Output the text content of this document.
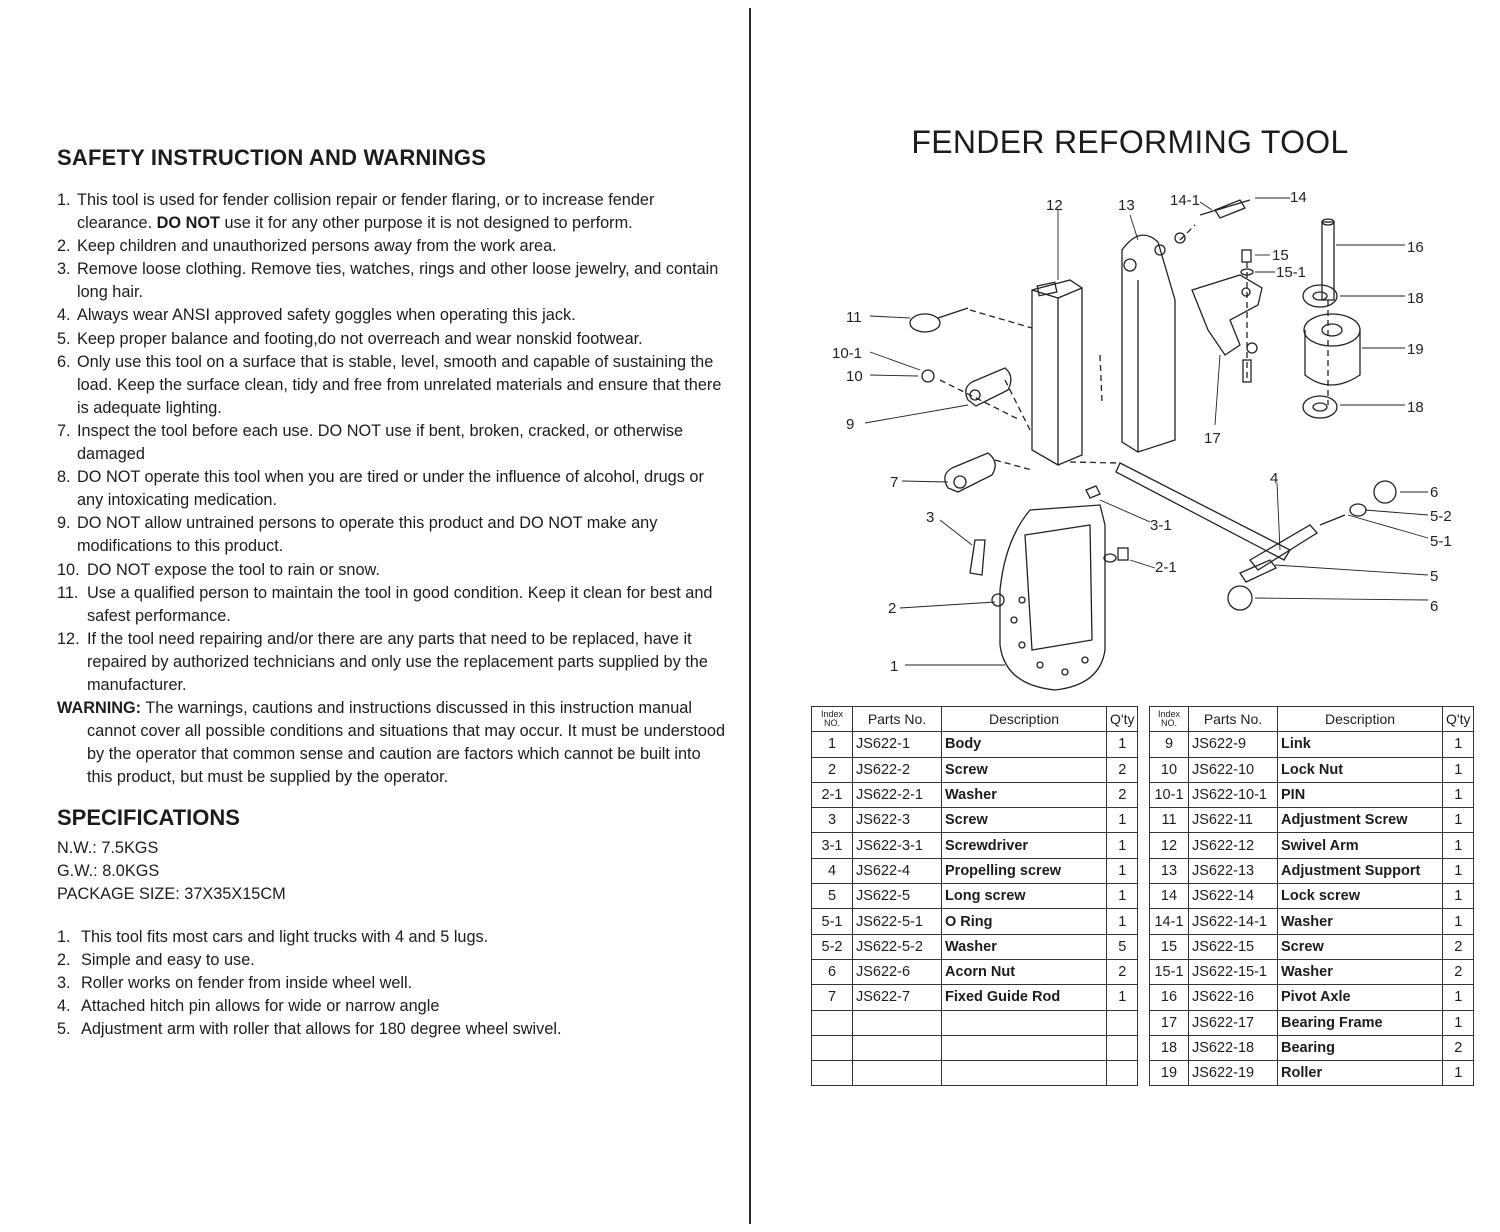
SAFETY INSTRUCTION AND WARNINGS
1. This tool is used for fender collision repair or fender flaring, or to increase fender clearance. DO NOT use it for any other purpose it is not designed to perform.
2. Keep children and unauthorized persons away from the work area.
3. Remove loose clothing. Remove ties, watches, rings and other loose jewelry, and contain long hair.
4. Always wear ANSI approved safety goggles when operating this jack.
5. Keep proper balance and footing,do not overreach and wear nonskid footwear.
6. Only use this tool on a surface that is stable, level, smooth and capable of sustaining the load. Keep the surface clean, tidy and free from unrelated materials and ensure that there is adequate lighting.
7. Inspect the tool before each use. DO NOT use if bent, broken, cracked, or otherwise damaged
8. DO NOT operate this tool when you are tired or under the influence of alcohol, drugs or any intoxicating medication.
9. DO NOT allow untrained persons to operate this product and DO NOT make any modifications to this product.
10. DO NOT expose the tool to rain or snow.
11. Use a qualified person to maintain the tool in good condition. Keep it clean for best and safest performance.
12. If the tool need repairing and/or there are any parts that need to be replaced, have it repaired by authorized technicians and only use the replacement parts supplied by the manufacturer.
WARNING: The warnings, cautions and instructions discussed in this instruction manual cannot cover all possible conditions and situations that may occur. It must be understood by the operator that common sense and caution are factors which cannot be built into this product, but must be supplied by the operator.
SPECIFICATIONS
N.W.: 7.5KGS
G.W.: 8.0KGS
PACKAGE SIZE: 37X35X15CM
1. This tool fits most cars and light trucks with 4 and 5 lugs.
2. Simple and easy to use.
3. Roller works on fender from inside wheel well.
4. Attached hitch pin allows for wide or narrow angle
5. Adjustment arm with roller that allows for 180 degree wheel swivel.
FENDER REFORMING TOOL
12	13 14-1	14
15
15-1
16
18
19
18
11
10-1
10
9
17
7	4
6
5-2
5-1
3	3-1
2-1
5
2	6
1
Index
NO.	Parts No.	Description	Q'ty
1	JS622-1	Body	1
2	JS622-2	Screw	2
2-1	JS622-2-1	Washer	2
3	JS622-3	Screw	1
3-1	JS622-3-1	Screwdriver	1
4	JS622-4	Propelling screw	1
5	JS622-5	Long screw	1
5-1	JS622-5-1	O Ring	1
5-2	JS622-5-2	Washer	5
6	JS622-6	Acorn Nut	2
7	JS622-7	Fixed Guide Rod	1

Index
NO.	Parts No.	Description	Q'ty
9	JS622-9	Link	1
10	JS622-10	Lock Nut	1
10-1	JS622-10-1	PIN	1
11	JS622-11	Adjustment Screw	1
12	JS622-12	Swivel Arm	1
13	JS622-13	Adjustment Support	1
14	JS622-14	Lock screw	1
14-1	JS622-14-1	Washer	1
15	JS622-15	Screw	2
15-1	JS622-15-1	Washer	2
16	JS622-16	Pivot Axle	1
17	JS622-17	Bearing Frame	1
18	JS622-18	Bearing	2
19	JS622-19	Roller	1
